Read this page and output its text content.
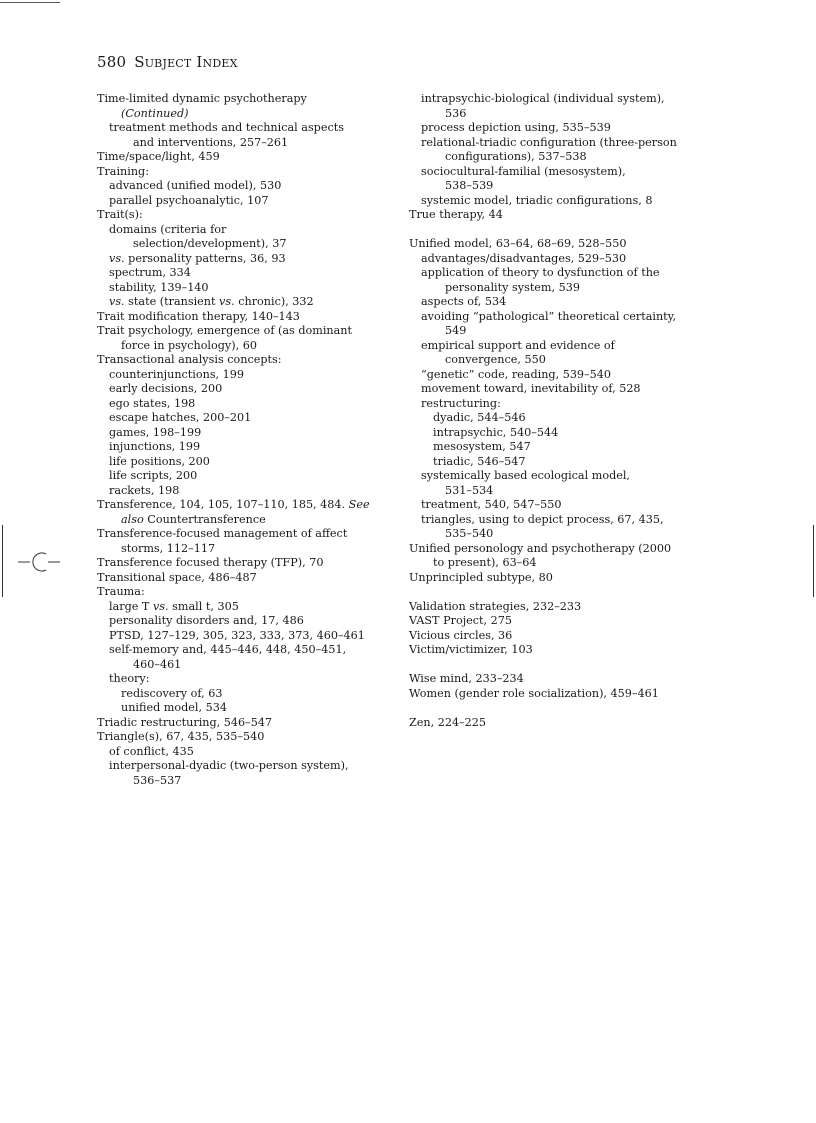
580 Subject Index
Time-limited dynamic psychotherapy
(Continued)
treatment methods and technical aspects
and interventions, 257–261
Time/space/light, 459
Training:
advanced (unified model), 530
parallel psychoanalytic, 107
Trait(s):
domains (criteria for
selection/development), 37
vs. personality patterns, 36, 93
spectrum, 334
stability, 139–140
vs. state (transient vs. chronic), 332
Trait modification therapy, 140–143
Trait psychology, emergence of (as dominant
force in psychology), 60
Transactional analysis concepts:
counterinjunctions, 199
early decisions, 200
ego states, 198
escape hatches, 200–201
games, 198–199
injunctions, 199
life positions, 200
life scripts, 200
rackets, 198
Transference, 104, 105, 107–110, 185, 484. See
also Countertransference
Transference-focused management of affect
storms, 112–117
Transference focused therapy (TFP), 70
Transitional space, 486–487
Trauma:
large T vs. small t, 305
personality disorders and, 17, 486
PTSD, 127–129, 305, 323, 333, 373, 460–461
self-memory and, 445–446, 448, 450–451,
460–461
theory:
rediscovery of, 63
unified model, 534
Triadic restructuring, 546–547
Triangle(s), 67, 435, 535–540
of conflict, 435
interpersonal-dyadic (two-person system),
536–537
intrapsychic-biological (individual system),
536
process depiction using, 535–539
relational-triadic configuration (three-person
configurations), 537–538
sociocultural-familial (mesosystem),
538–539
systemic model, triadic configurations, 8
True therapy, 44
Unified model, 63–64, 68–69, 528–550
advantages/disadvantages, 529–530
application of theory to dysfunction of the
personality system, 539
aspects of, 534
avoiding “pathological” theoretical certainty,
549
empirical support and evidence of
convergence, 550
“genetic” code, reading, 539–540
movement toward, inevitability of, 528
restructuring:
dyadic, 544–546
intrapsychic, 540–544
mesosystem, 547
triadic, 546–547
systemically based ecological model,
531–534
treatment, 540, 547–550
triangles, using to depict process, 67, 435,
535–540
Unified personology and psychotherapy (2000
to present), 63–64
Unprincipled subtype, 80
Validation strategies, 232–233
VAST Project, 275
Vicious circles, 36
Victim/victimizer, 103
Wise mind, 233–234
Women (gender role socialization), 459–461
Zen, 224–225
